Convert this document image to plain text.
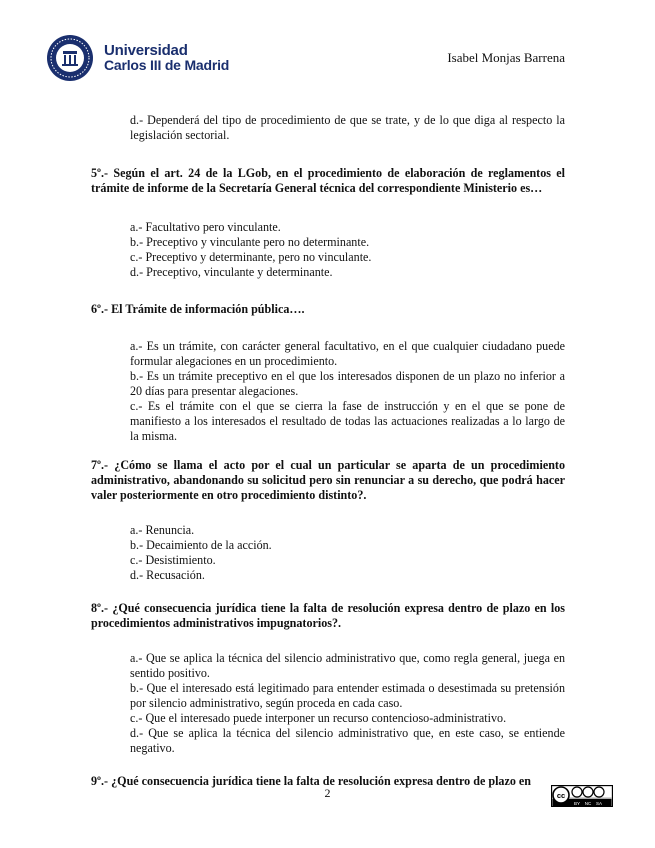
Universidad
Carlos III de Madrid	Isabel Monjas Barrena

d.- Dependerá del tipo de procedimiento de que se trate, y de lo que diga al respecto la legislación sectorial.

5º.- Según el art. 24 de la LGob, en el procedimiento de elaboración de reglamentos el trámite de informe de la Secretaría General técnica del correspondiente Ministerio es…

a.- Facultativo pero vinculante.

b.- Preceptivo y vinculante pero no determinante.

c.- Preceptivo y determinante, pero no vinculante.

d.- Preceptivo, vinculante y determinante.

6º.- El Trámite de información pública….

a.- Es un trámite, con carácter general facultativo, en el que cualquier ciudadano puede formular alegaciones en un procedimiento.

b.- Es un trámite preceptivo en el que los interesados disponen de un plazo no inferior a 20 días para presentar alegaciones.

c.- Es el trámite con el que se cierra la fase de instrucción y en el que se pone de manifiesto a los interesados el resultado de todas las actuaciones realizadas a lo largo de la misma.

7º.- ¿Cómo se llama el acto por el cual un particular se aparta de un procedimiento administrativo, abandonando su solicitud pero sin renunciar a su derecho, que podrá hacer valer posteriormente en otro procedimiento distinto?.

a.- Renuncia.

b.- Decaimiento de la acción.

c.- Desistimiento.

d.- Recusación.

8º.- ¿Qué consecuencia jurídica tiene la falta de resolución expresa dentro de plazo en los procedimientos administrativos impugnatorios?.

a.- Que se aplica la técnica del silencio administrativo que, como regla general, juega en sentido positivo.

b.- Que el interesado está legitimado para entender estimada o desestimada su pretensión por silencio administrativo, según proceda en cada caso.

c.- Que el interesado puede interponer un recurso contencioso-administrativo.

d.- Que se aplica la técnica del silencio administrativo que, en este caso, se entiende negativo.

9º.- ¿Qué consecuencia jurídica tiene la falta de resolución expresa dentro de plazo en

2	cc
BY NC SA
